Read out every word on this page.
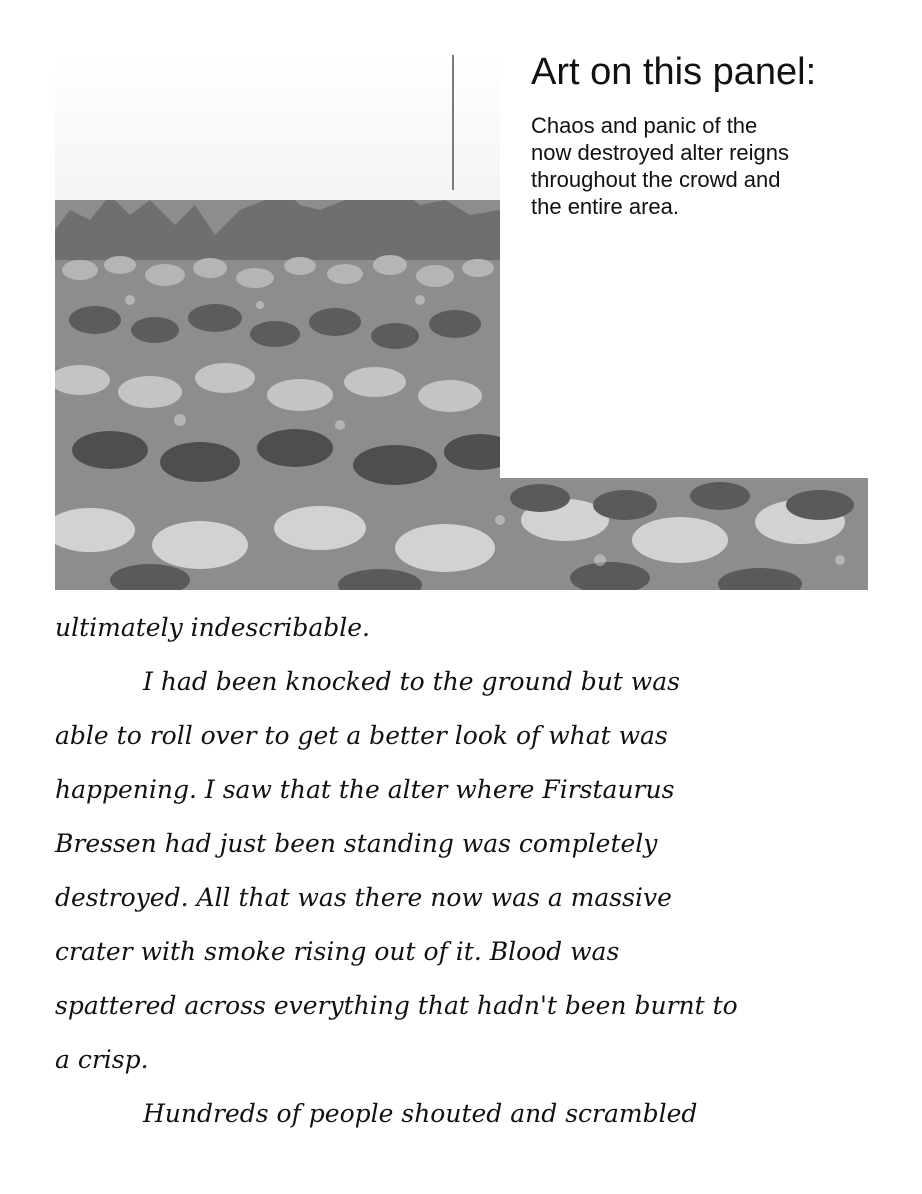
Art on this panel:

Chaos and panic of the
now destroyed alter reigns
throughout the crowd and
the entire area.

ultimately indescribable.
I had been knocked to the ground but was
able to roll over to get a better look of what was
happening. I saw that the alter where Firstaurus
Bressen had just been standing was completely
destroyed. All that was there now was a massive
crater with smoke rising out of it. Blood was
spattered across everything that hadn't been burnt to
a crisp.
Hundreds of people shouted and scrambled
